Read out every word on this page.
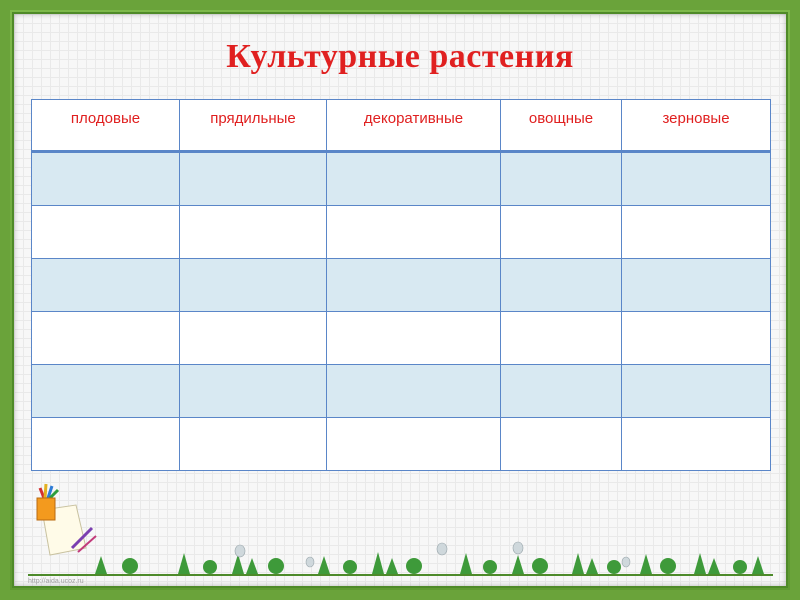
Культурные растения
плодовые	прядильные	декоративные	овощные	зерновые

http://aida.ucoz.ru
